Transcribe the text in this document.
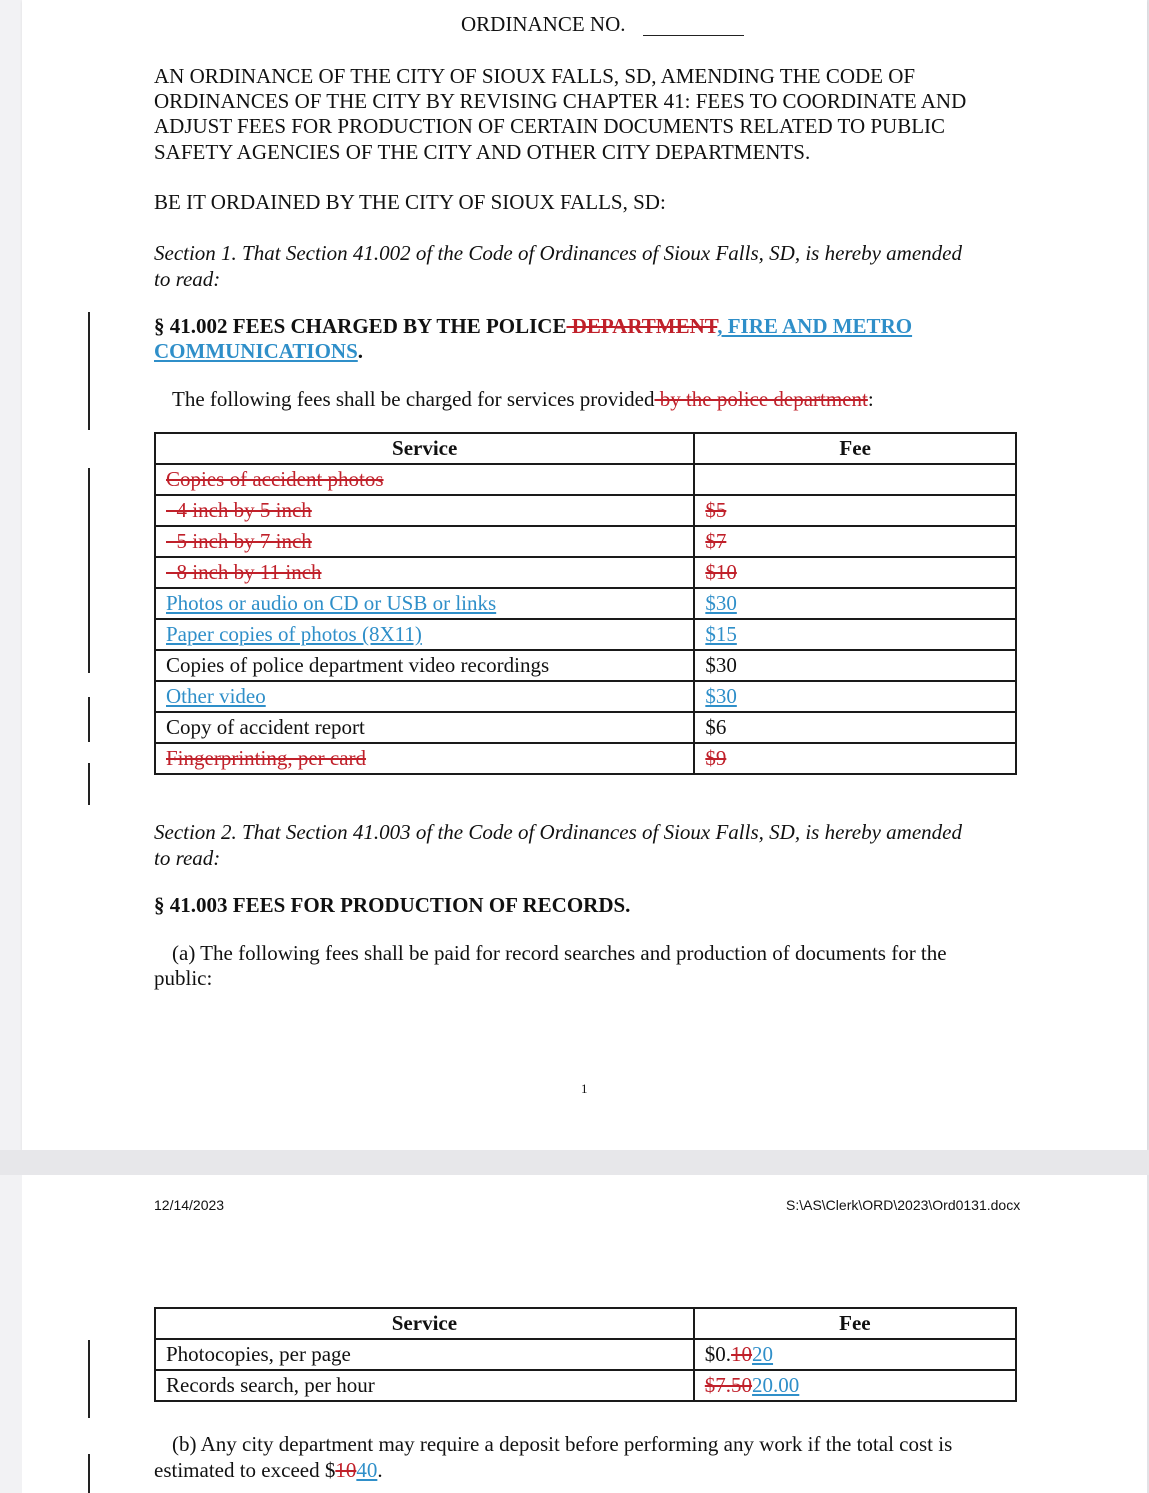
ORDINANCE NO.

AN ORDINANCE OF THE CITY OF SIOUX FALLS, SD, AMENDING THE CODE OF

ORDINANCES OF THE CITY BY REVISING CHAPTER 41: FEES TO COORDINATE AND

ADJUST FEES FOR PRODUCTION OF CERTAIN DOCUMENTS RELATED TO PUBLIC

SAFETY AGENCIES OF THE CITY AND OTHER CITY DEPARTMENTS.

BE IT ORDAINED BY THE CITY OF SIOUX FALLS, SD:

Section 1. That Section 41.002 of the Code of Ordinances of Sioux Falls, SD, is hereby amended

to read:

§ 41.002 FEES CHARGED BY THE POLICE DEPARTMENT, FIRE AND METRO

COMMUNICATIONS.

The following fees shall be charged for services provided by the police department:

Service	Fee
Copies of accident photos	
4 inch by 5 inch	$5
5 inch by 7 inch	$7
8 inch by 11 inch	$10
Photos or audio on CD or USB or links	$30
Paper copies of photos (8X11)	$15
Copies of police department video recordings	$30
Other video	$30
Copy of accident report	$6
Fingerprinting, per card	$9

Section 2. That Section 41.003 of the Code of Ordinances of Sioux Falls, SD, is hereby amended

to read:

§ 41.003 FEES FOR PRODUCTION OF RECORDS.

(a) The following fees shall be paid for record searches and production of documents for the

public:

1

12/14/2023	S:\AS\Clerk\ORD\2023\Ord0131.docx
Service	Fee
Photocopies, per page	$0.1020
Records search, per hour	$7.5020.00

(b) Any city department may require a deposit before performing any work if the total cost is

estimated to exceed $1040.
